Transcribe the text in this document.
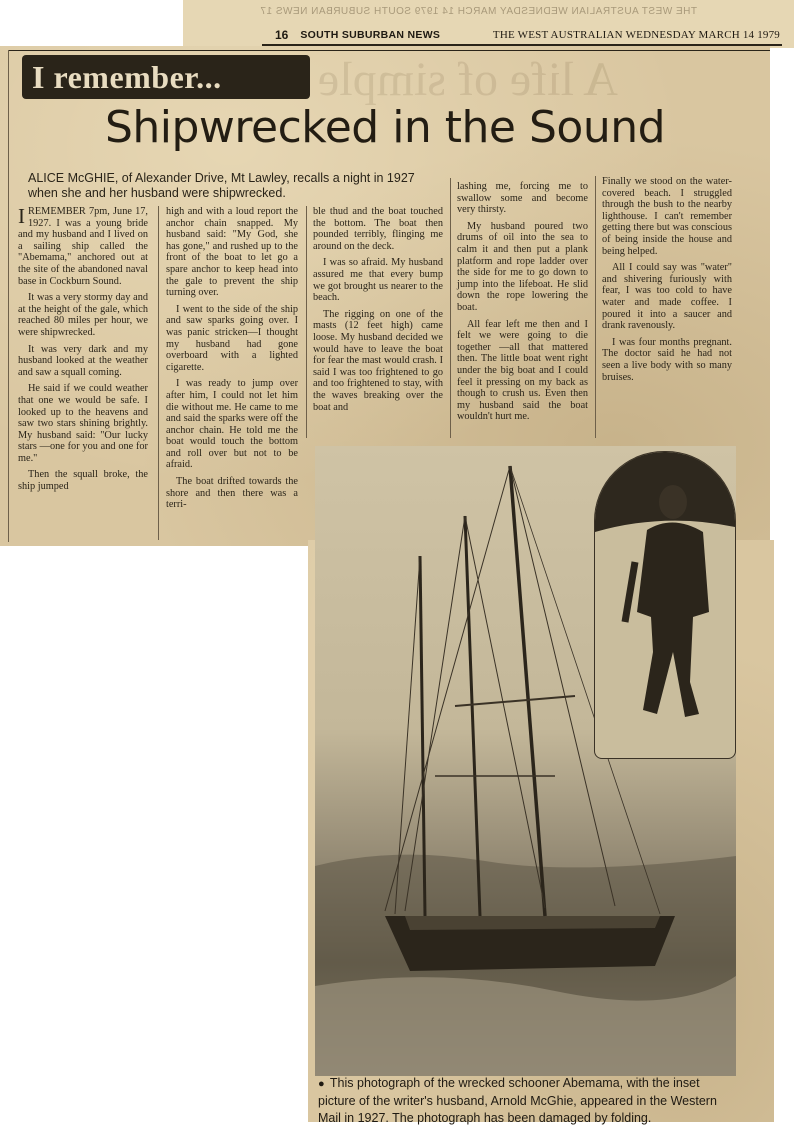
THE WEST AUSTRALIAN WEDNESDAY MARCH 14 1979 SOUTH SUBURBAN NEWS 17
16 SOUTH SUBURBAN NEWS	THE WEST AUSTRALIAN WEDNESDAY MARCH 14 1979
A life of simple
I remember...
Shipwrecked in the Sound
ALICE McGHIE, of Alexander Drive, Mt Lawley, recalls a night in 1927 when she and her husband were shipwrecked.

IREMEMBER 7pm, June 17, 1927. I was a young bride and my husband and I lived on a sailing ship called the "Abemama," anchored out at the site of the abandoned naval base in Cockburn Sound.

It was a very stormy day and at the height of the gale, which reached 80 miles per hour, we were shipwrecked.

It was very dark and my husband looked at the weather and saw a squall coming.

He said if we could weather that one we would be safe. I looked up to the heavens and saw two stars shining brightly. My husband said: "Our lucky stars —one for you and one for me."

Then the squall broke, the ship jumped

high and with a loud report the anchor chain snapped. My husband said: "My God, she has gone," and rushed up to the front of the boat to let go a spare anchor to keep head into the gale to prevent the ship turning over.

I went to the side of the ship and saw sparks going over. I was panic stricken—I thought my husband had gone overboard with a lighted cigarette.

I was ready to jump over after him, I could not let him die without me. He came to me and said the sparks were off the anchor chain. He told me the boat would touch the bottom and roll over but not to be afraid.

The boat drifted towards the shore and then there was a terri-

ble thud and the boat touched the bottom. The boat then pounded terribly, flinging me around on the deck.

I was so afraid. My husband assured me that every bump we got brought us nearer to the beach.

The rigging on one of the masts (12 feet high) came loose. My husband decided we would have to leave the boat for fear the mast would crash. I said I was too frightened to go and too frightened to stay, with the waves breaking over the boat and

lashing me, forcing me to swallow some and become very thirsty.

My husband poured two drums of oil into the sea to calm it and then put a plank platform and rope ladder over the side for me to go down to jump into the lifeboat. He slid down the rope lowering the boat.

All fear left me then and I felt we were going to die together —all that mattered then. The little boat went right under the big boat and I could feel it pressing on my back as though to crush us. Even then my husband said the boat wouldn't hurt me.

Finally we stood on the water-covered beach. I struggled through the bush to the nearby lighthouse. I can't remember getting there but was conscious of being inside the house and being helped.

All I could say was "water" and shivering furiously with fear, I was too cold to have water and made coffee. I poured it into a saucer and drank ravenously.

I was four months pregnant. The doctor said he had not seen a live body with so many bruises.

● This photograph of the wrecked schooner Abemama, with the inset picture of the writer's husband, Arnold McGhie, appeared in the Western Mail in 1927. The photograph has been damaged by folding.
